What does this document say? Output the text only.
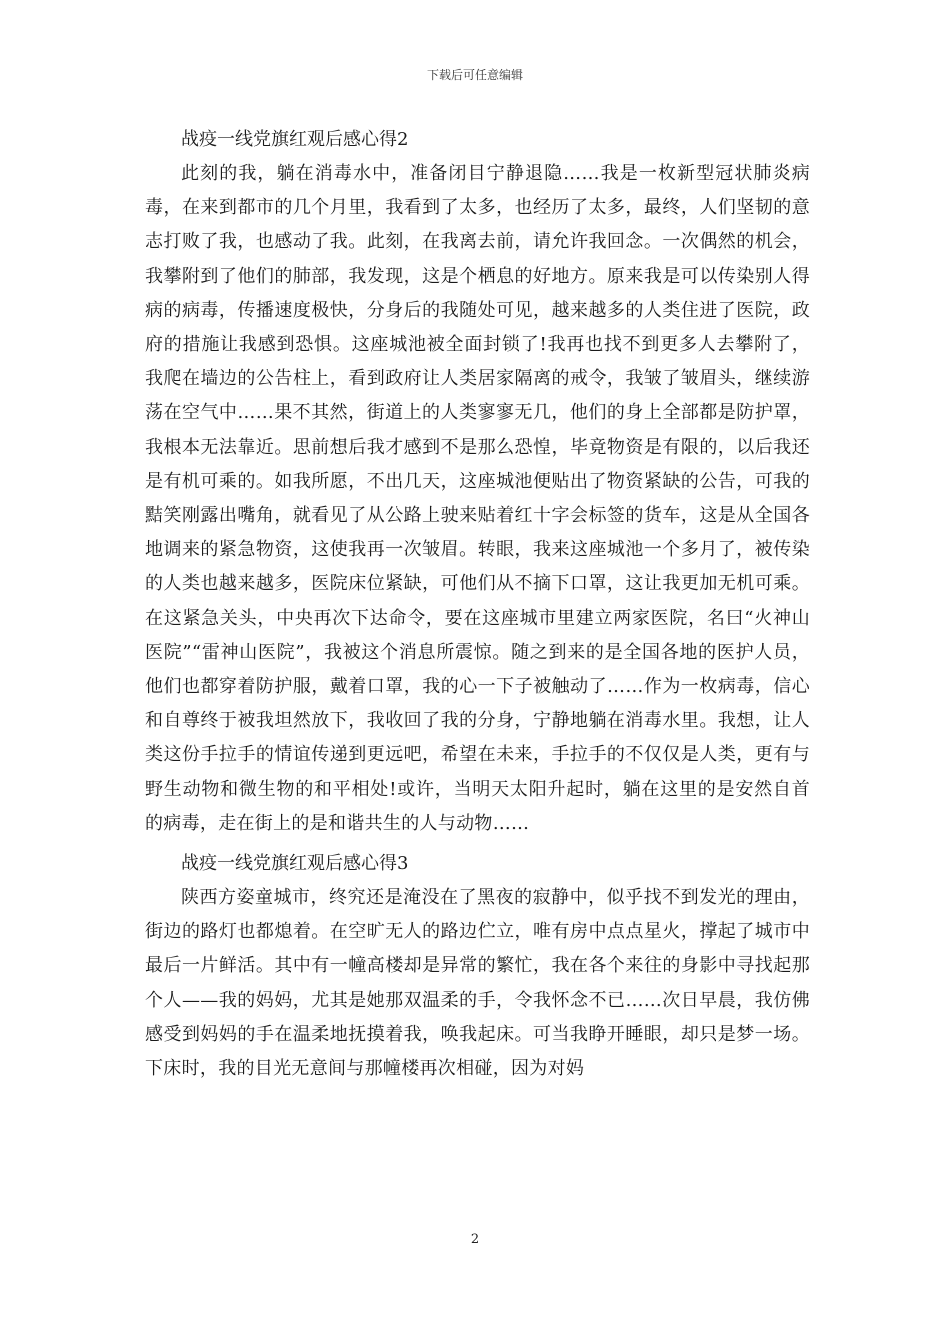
下载后可任意编辑
战疫一线党旗红观后感心得2

此刻的我，躺在消毒水中，准备闭目宁静退隐……我是一枚新型冠状肺炎病毒，在来到都市的几个月里，我看到了太多，也经历了太多，最终，人们坚韧的意志打败了我，也感动了我。此刻，在我离去前，请允许我回念。一次偶然的机会，我攀附到了他们的肺部，我发现，这是个栖息的好地方。原来我是可以传染别人得病的病毒，传播速度极快，分身后的我随处可见，越来越多的人类住进了医院，政府的措施让我感到恐惧。这座城池被全面封锁了!我再也找不到更多人去攀附了，我爬在墙边的公告柱上，看到政府让人类居家隔离的戒令，我皱了皱眉头，继续游荡在空气中……果不其然，街道上的人类寥寥无几，他们的身上全部都是防护罩，我根本无法靠近。思前想后我才感到不是那么恐惶，毕竟物资是有限的，以后我还是有机可乘的。如我所愿，不出几天，这座城池便贴出了物资紧缺的公告，可我的黠笑刚露出嘴角，就看见了从公路上驶来贴着红十字会标签的货车，这是从全国各地调来的紧急物资，这使我再一次皱眉。转眼，我来这座城池一个多月了，被传染的人类也越来越多，医院床位紧缺，可他们从不摘下口罩，这让我更加无机可乘。在这紧急关头，中央再次下达命令，要在这座城市里建立两家医院，名曰“火神山医院”“雷神山医院”，我被这个消息所震惊。随之到来的是全国各地的医护人员，他们也都穿着防护服，戴着口罩，我的心一下子被触动了……作为一枚病毒，信心和自尊终于被我坦然放下，我收回了我的分身，宁静地躺在消毒水里。我想，让人类这份手拉手的情谊传递到更远吧，希望在未来，手拉手的不仅仅是人类，更有与野生动物和微生物的和平相处!或许，当明天太阳升起时，躺在这里的是安然自首的病毒，走在街上的是和谐共生的人与动物……

战疫一线党旗红观后感心得3

陕西方姿童城市，终究还是淹没在了黑夜的寂静中，似乎找不到发光的理由，街边的路灯也都熄着。在空旷无人的路边伫立，唯有房中点点星火，撑起了城市中最后一片鲜活。其中有一幢高楼却是异常的繁忙，我在各个来往的身影中寻找起那个人——我的妈妈，尤其是她那双温柔的手，令我怀念不已……次日早晨，我仿佛感受到妈妈的手在温柔地抚摸着我，唤我起床。可当我睁开睡眼，却只是梦一场。下床时，我的目光无意间与那幢楼再次相碰，因为对妈

2
